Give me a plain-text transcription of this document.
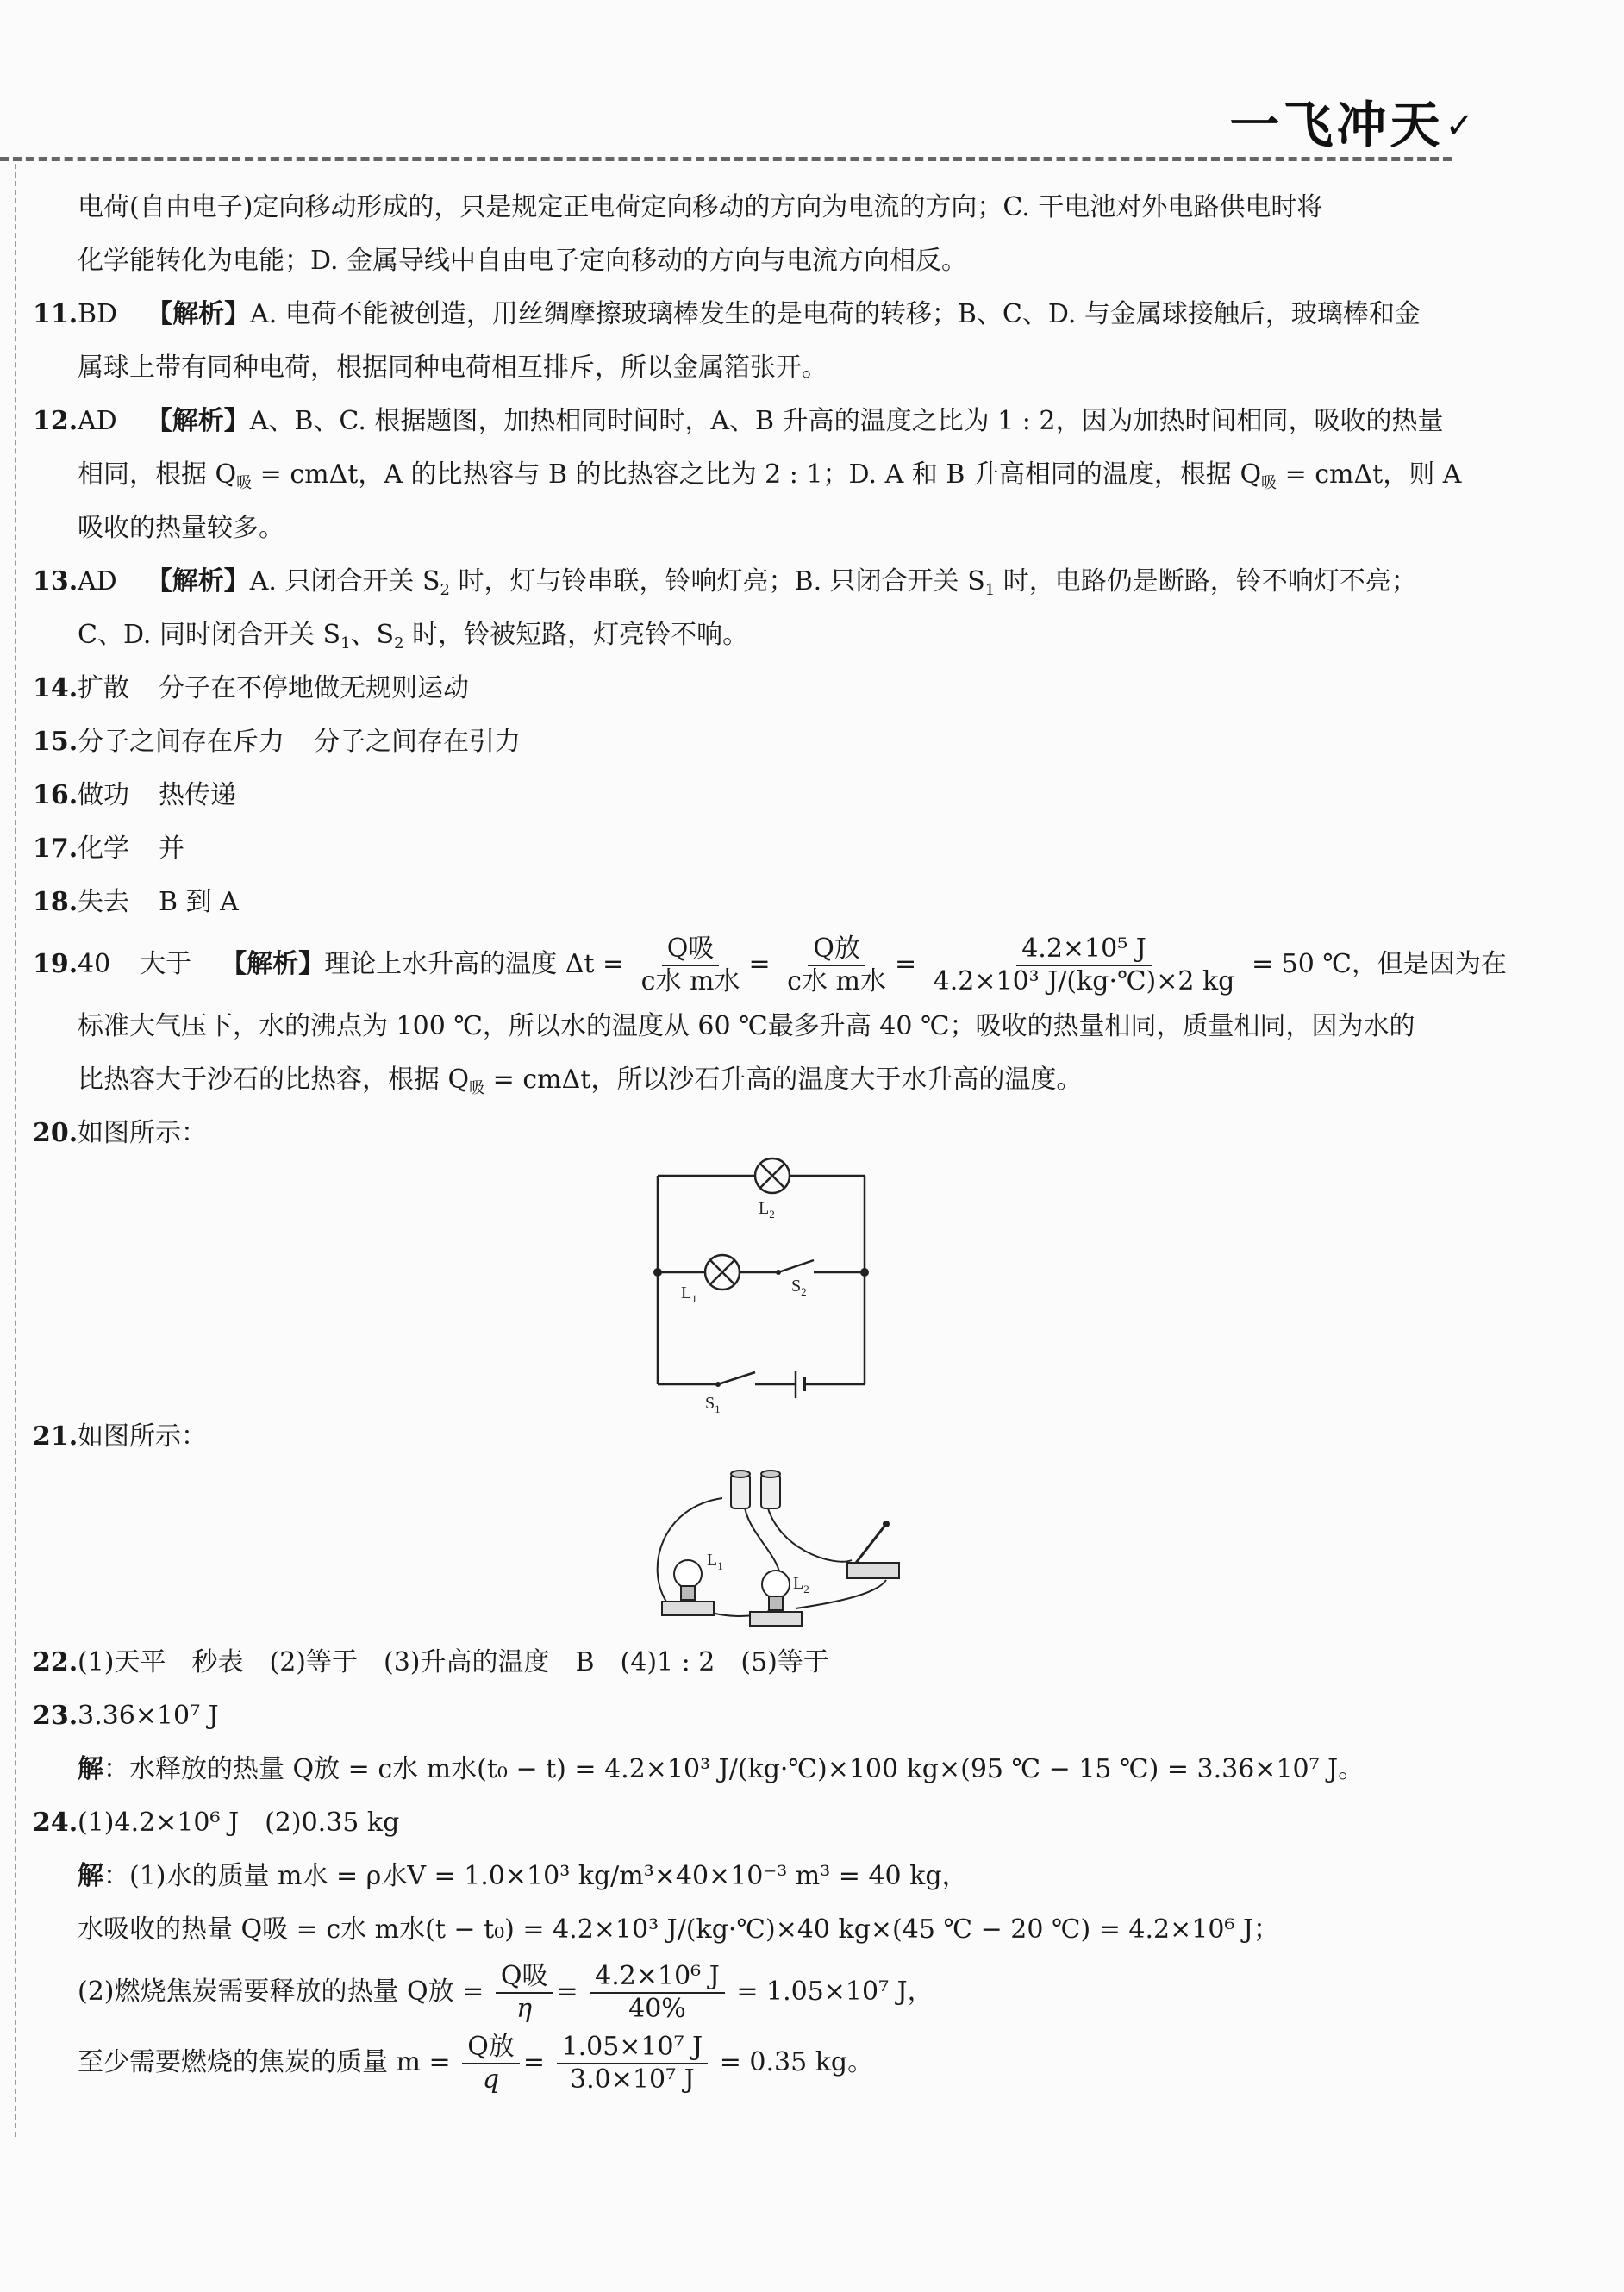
一飞冲天 ✓
电荷(自由电子)定向移动形成的，只是规定正电荷定向移动的方向为电流的方向；C. 干电池对外电路供电时将
化学能转化为电能；D. 金属导线中自由电子定向移动的方向与电流方向相反。
11.BD 【解析】A. 电荷不能被创造，用丝绸摩擦玻璃棒发生的是电荷的转移；B、C、D. 与金属球接触后，玻璃棒和金
属球上带有同种电荷，根据同种电荷相互排斥，所以金属箔张开。
12.AD 【解析】A、B、C. 根据题图，加热相同时间时，A、B 升高的温度之比为 1 : 2，因为加热时间相同，吸收的热量
相同，根据 $Q_吸 = cm\Delta t$，A 的比热容与 B 的比热容之比为 2 : 1；D. A 和 B 升高相同的温度，根据 $Q_吸 = cm\Delta t$，则 A
吸收的热量较多。
13.AD 【解析】A. 只闭合开关 $S_2$ 时，灯与铃串联，铃响灯亮；B. 只闭合开关 $S_1$ 时，电路仍是断路，铃不响灯不亮；
C、D. 同时闭合开关 $S_1$、$S_2$ 时，铃被短路，灯亮铃不响。
14.扩散 分子在不停地做无规则运动
15.分子之间存在斥力 分子之间存在引力
16.做功 热传递
17.化学 并
18.失去 B 到 A
19.40 大于 【解析】理论上水升高的温度 $\Delta t = \frac{\text{Q吸}}{\text{c水 m水}} = \frac{\text{Q放}}{\text{c水 m水}} = \frac{\text{4.2×10⁵ J}}{\text{4.2×10³ J/(kg·℃)×2 kg}} = 50$ ℃，但是因为在
标准大气压下，水的沸点为 100 ℃，所以水的温度从 60 ℃最多升高 40 ℃；吸收的热量相同，质量相同，因为水的
比热容大于沙石的比热容，根据 $Q_吸 = cm\Delta t$，所以沙石升高的温度大于水升高的温度。
20.如图所示：
$L_2$
$L_1$
$S_2$
$S_1$
21.如图所示：
$L_1$
$L_2$
22.(1)天平　秒表　(2)等于　(3)升高的温度　B　(4)1 : 2　(5)等于
23.3.36×10⁷ J
解：水释放的热量 Q放 = c水 m水(t₀ − t) = 4.2×10³ J/(kg·℃)×100 kg×(95 ℃ − 15 ℃) = 3.36×10⁷ J。
24.(1)4.2×10⁶ J　(2)0.35 kg
解：(1)水的质量 m水 = ρ水V = 1.0×10³ kg/m³×40×10⁻³ m³ = 40 kg，
水吸收的热量 Q吸 = c水 m水(t − t₀) = 4.2×10³ J/(kg·℃)×40 kg×(45 ℃ − 20 ℃) = 4.2×10⁶ J；
(2)燃烧焦炭需要释放的热量 Q放 = $\frac{\text{Q吸}}{\eta} = \frac{\text{4.2×10⁶ J}}{40\%} = 1.05\times 10^7$ J，
至少需要燃烧的焦炭的质量 $m = \frac{\text{Q放}}{q} = \frac{\text{1.05×10⁷ J}}{\text{3.0×10⁷ J}} = 0.35$ kg。
